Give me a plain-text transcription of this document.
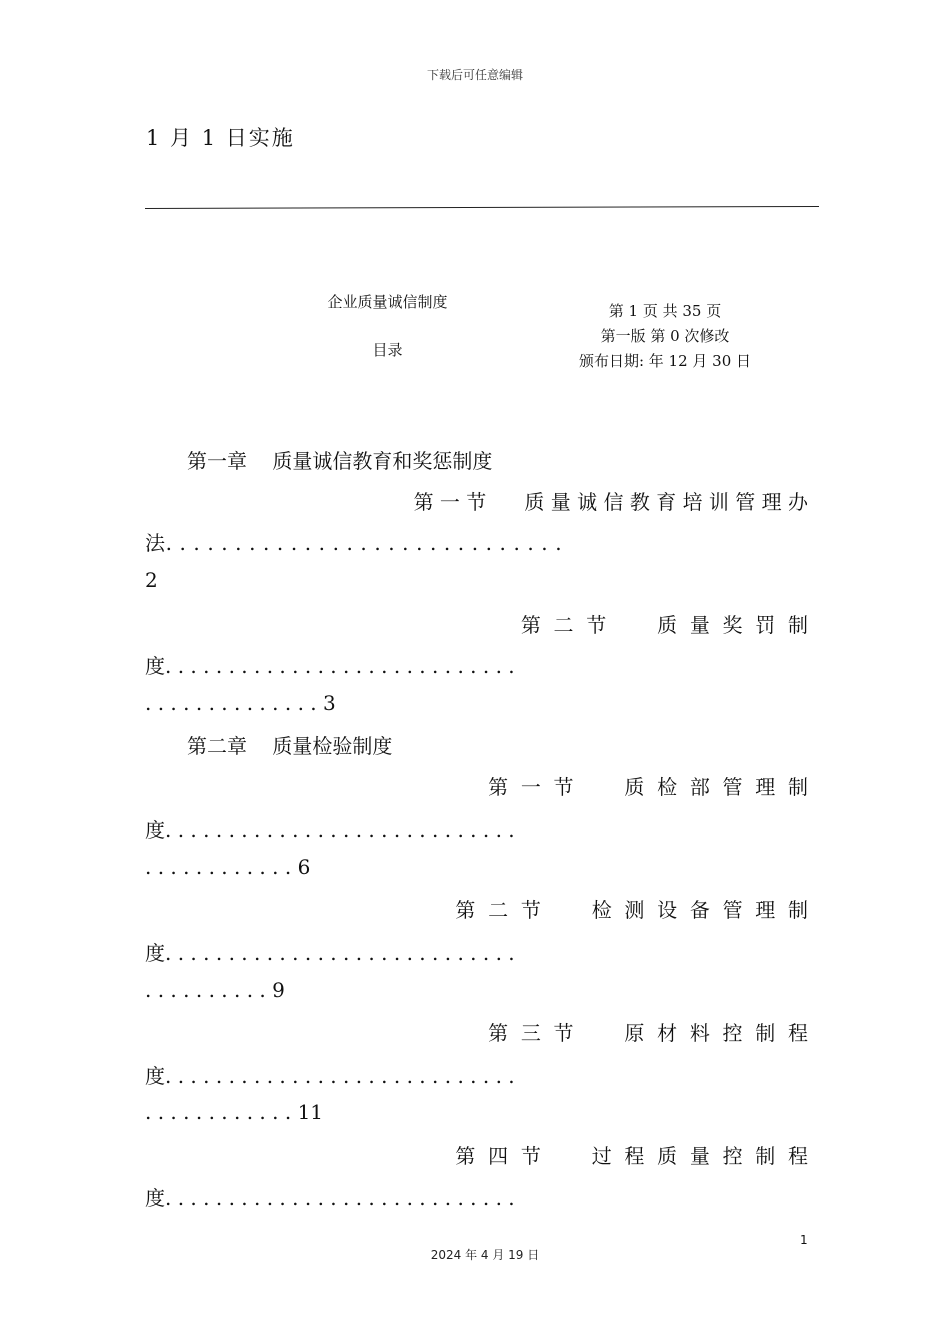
下载后可任意编辑
1 月 1 日实施
企业质量诚信制度
目录
第 1 页 共 35 页
第一版 第 0 次修改
颁布日期: 年 12 月 30 日
第一章    质量诚信教育和奖惩制度
第 一 节      质 量 诚 信 教 育 培 训 管 理 办
法. . . . . . . . . . . . . . . . . . . . . . . . . . . . .
2
第  二  节        质  量  奖  罚  制
度. . . . . . . . . . . . . . . . . . . . . . . . . . . .
. . . . . . . . . . . . . . 3
第二章    质量检验制度
第  一  节        质  检  部  管  理  制
度. . . . . . . . . . . . . . . . . . . . . . . . . . . .
. . . . . . . . . . . . 6
第  二  节        检  测  设  备  管  理  制
度. . . . . . . . . . . . . . . . . . . . . . . . . . . .
. . . . . . . . . . 9
第  三  节        原  材  料  控  制  程
度. . . . . . . . . . . . . . . . . . . . . . . . . . . .
. . . . . . . . . . . . 11
第  四  节        过  程  质  量  控  制  程
度. . . . . . . . . . . . . . . . . . . . . . . . . . . .
1
2024 年 4 月 19 日
